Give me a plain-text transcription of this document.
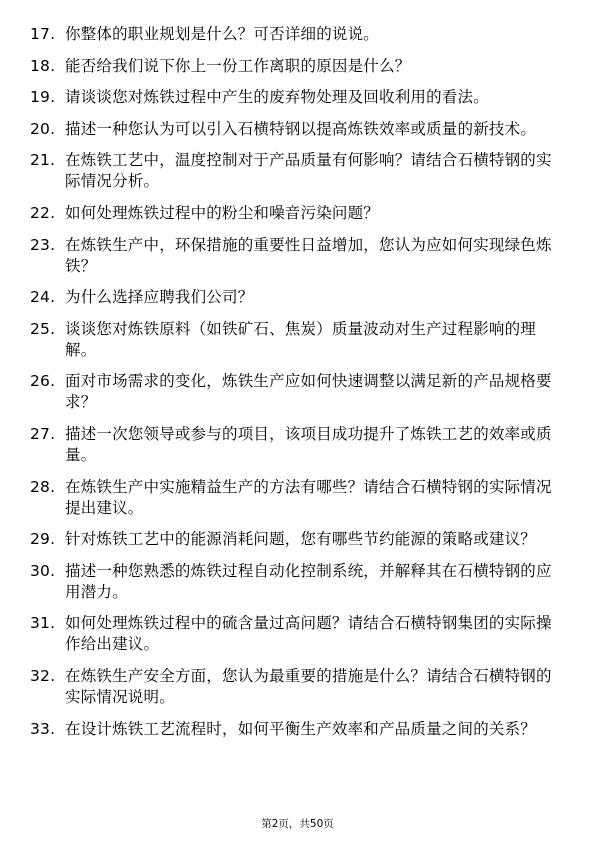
17. 你整体的职业规划是什么？可否详细的说说。
18. 能否给我们说下你上一份工作离职的原因是什么？
19. 请谈谈您对炼铁过程中产生的废弃物处理及回收利用的看法。
20. 描述一种您认为可以引入石横特钢以提高炼铁效率或质量的新技术。
21. 在炼铁工艺中，温度控制对于产品质量有何影响？请结合石横特钢的实际情况分析。
22. 如何处理炼铁过程中的粉尘和噪音污染问题？
23. 在炼铁生产中，环保措施的重要性日益增加，您认为应如何实现绿色炼铁？
24. 为什么选择应聘我们公司？
25. 谈谈您对炼铁原料（如铁矿石、焦炭）质量波动对生产过程影响的理解。
26. 面对市场需求的变化，炼铁生产应如何快速调整以满足新的产品规格要求？
27. 描述一次您领导或参与的项目，该项目成功提升了炼铁工艺的效率或质量。
28. 在炼铁生产中实施精益生产的方法有哪些？请结合石横特钢的实际情况提出建议。
29. 针对炼铁工艺中的能源消耗问题，您有哪些节约能源的策略或建议？
30. 描述一种您熟悉的炼铁过程自动化控制系统，并解释其在石横特钢的应用潜力。
31. 如何处理炼铁过程中的硫含量过高问题？请结合石横特钢集团的实际操作给出建议。
32. 在炼铁生产安全方面，您认为最重要的措施是什么？请结合石横特钢的实际情况说明。
33. 在设计炼铁工艺流程时，如何平衡生产效率和产品质量之间的关系？
第2页，共50页
